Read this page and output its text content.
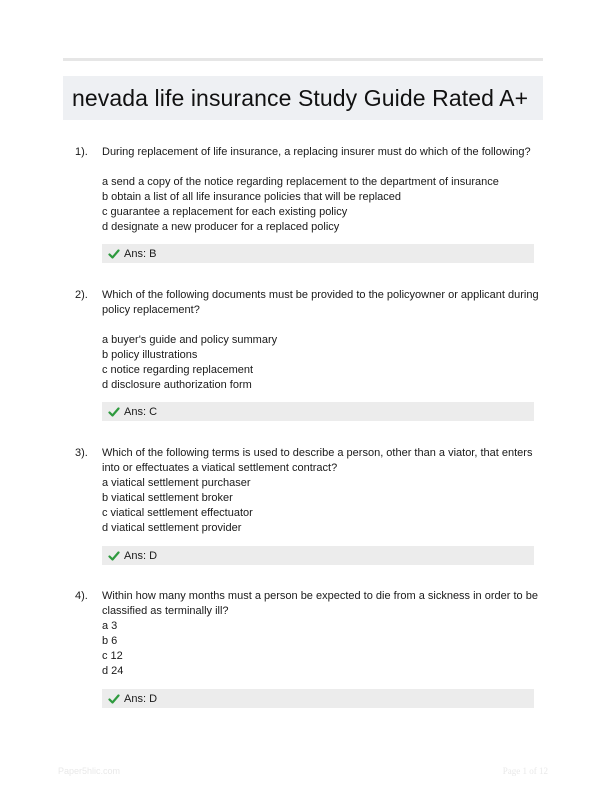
nevada life insurance Study Guide Rated A+
1). During replacement of life insurance, a replacing insurer must do which of the following?

a send a copy of the notice regarding replacement to the department of insurance
b obtain a list of all life insurance policies that will be replaced
c guarantee a replacement for each existing policy
d designate a new producer for a replaced policy
Ans: B
2). Which of the following documents must be provided to the policyowner or applicant during policy replacement?

a buyer's guide and policy summary
b policy illustrations
c notice regarding replacement
d disclosure authorization form
Ans: C
3). Which of the following terms is used to describe a person, other than a viator, that enters into or effectuates a viatical settlement contract?

a viatical settlement purchaser
b viatical settlement broker
c viatical settlement effectuator
d viatical settlement provider
Ans: D
4). Within how many months must a person be expected to die from a sickness in order to be classified as terminally ill?

a 3
b 6
c 12
d 24
Ans: D
Paper5hlic.com	Page 1 of 12
